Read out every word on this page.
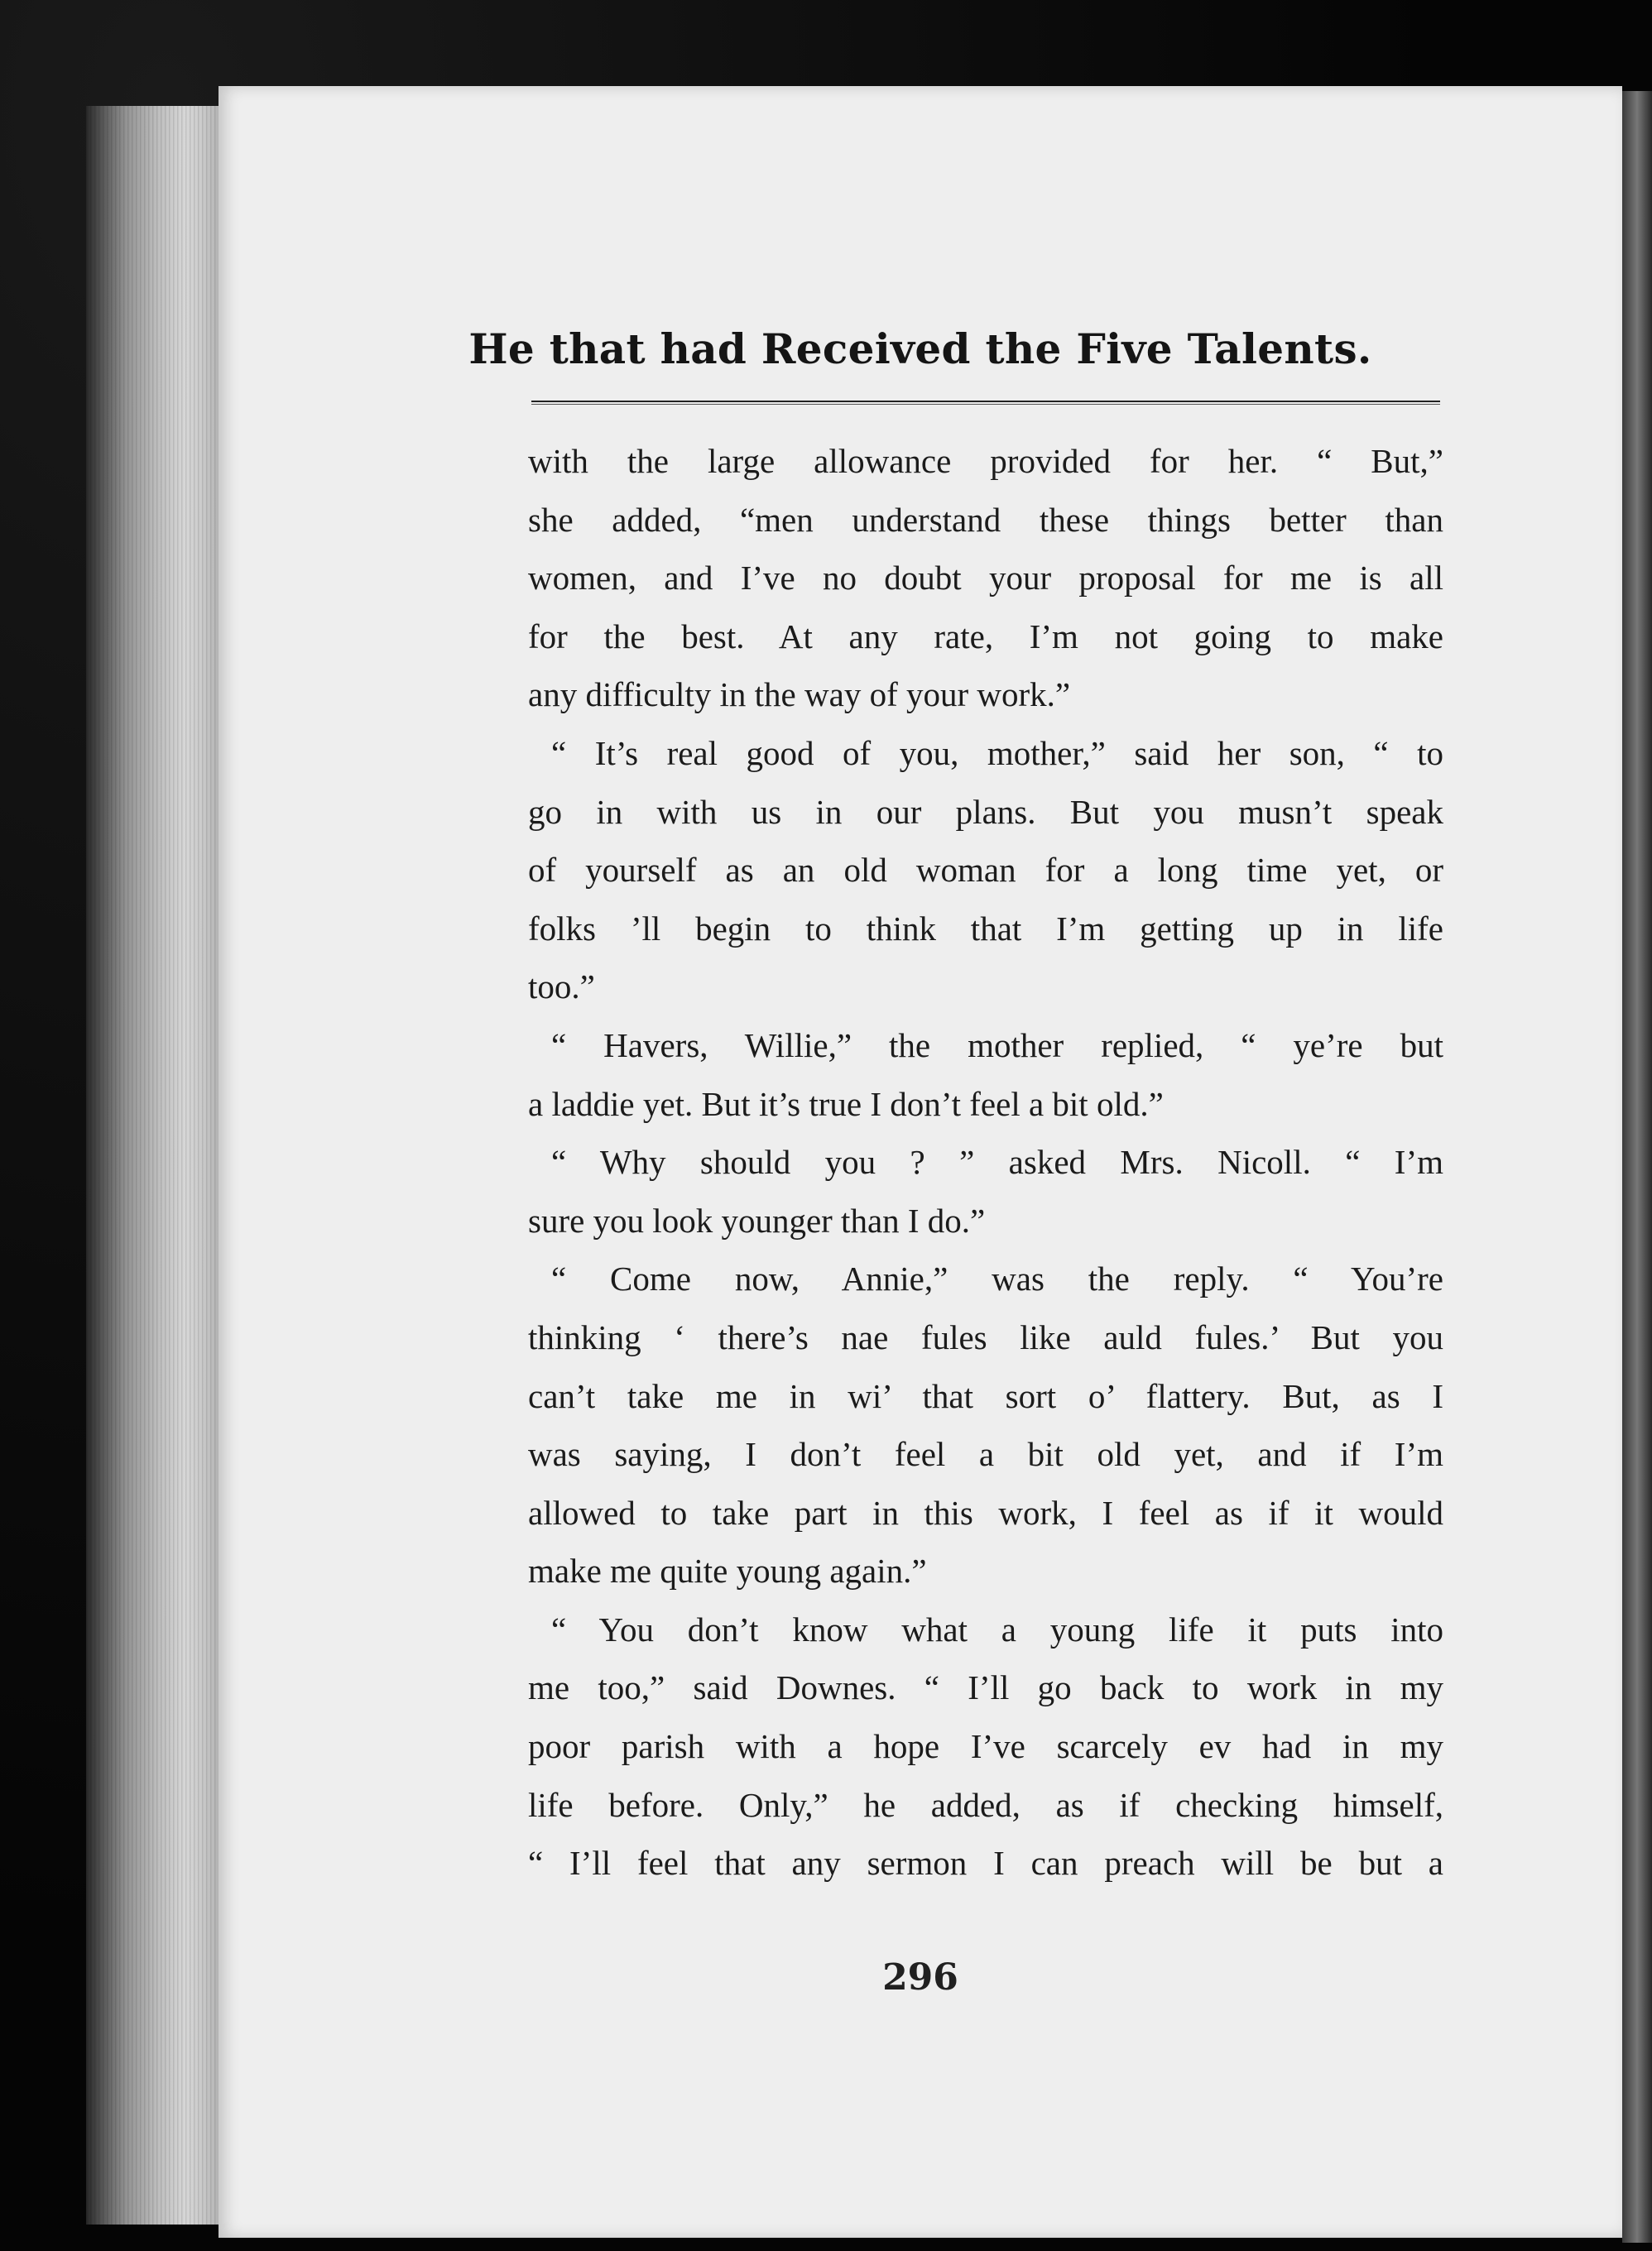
He that had Received the Five Talents.
with the large allowance provided for her. “ But,”
she added, “men understand these things better than
women, and I’ve no doubt your proposal for me is all
for the best. At any rate, I’m not going to make
any difficulty in the way of your work.”
“ It’s real good of you, mother,” said her son, “ to
go in with us in our plans. But you musn’t speak
of yourself as an old woman for a long time yet, or
folks ’ll begin to think that I’m getting up in life
too.”
“ Havers, Willie,” the mother replied, “ ye’re but
a laddie yet. But it’s true I don’t feel a bit old.”
“ Why should you ? ” asked Mrs. Nicoll. “ I’m
sure you look younger than I do.”
“ Come now, Annie,” was the reply. “ You’re
thinking ‘ there’s nae fules like auld fules.’ But you
can’t take me in wi’ that sort o’ flattery. But, as I
was saying, I don’t feel a bit old yet, and if I’m
allowed to take part in this work, I feel as if it would
make me quite young again.”
“ You don’t know what a young life it puts into
me too,” said Downes. “ I’ll go back to work in my
poor parish with a hope I’ve scarcely ev had in my
life before. Only,” he added, as if checking himself,
“ I’ll feel that any sermon I can preach will be but a
296
